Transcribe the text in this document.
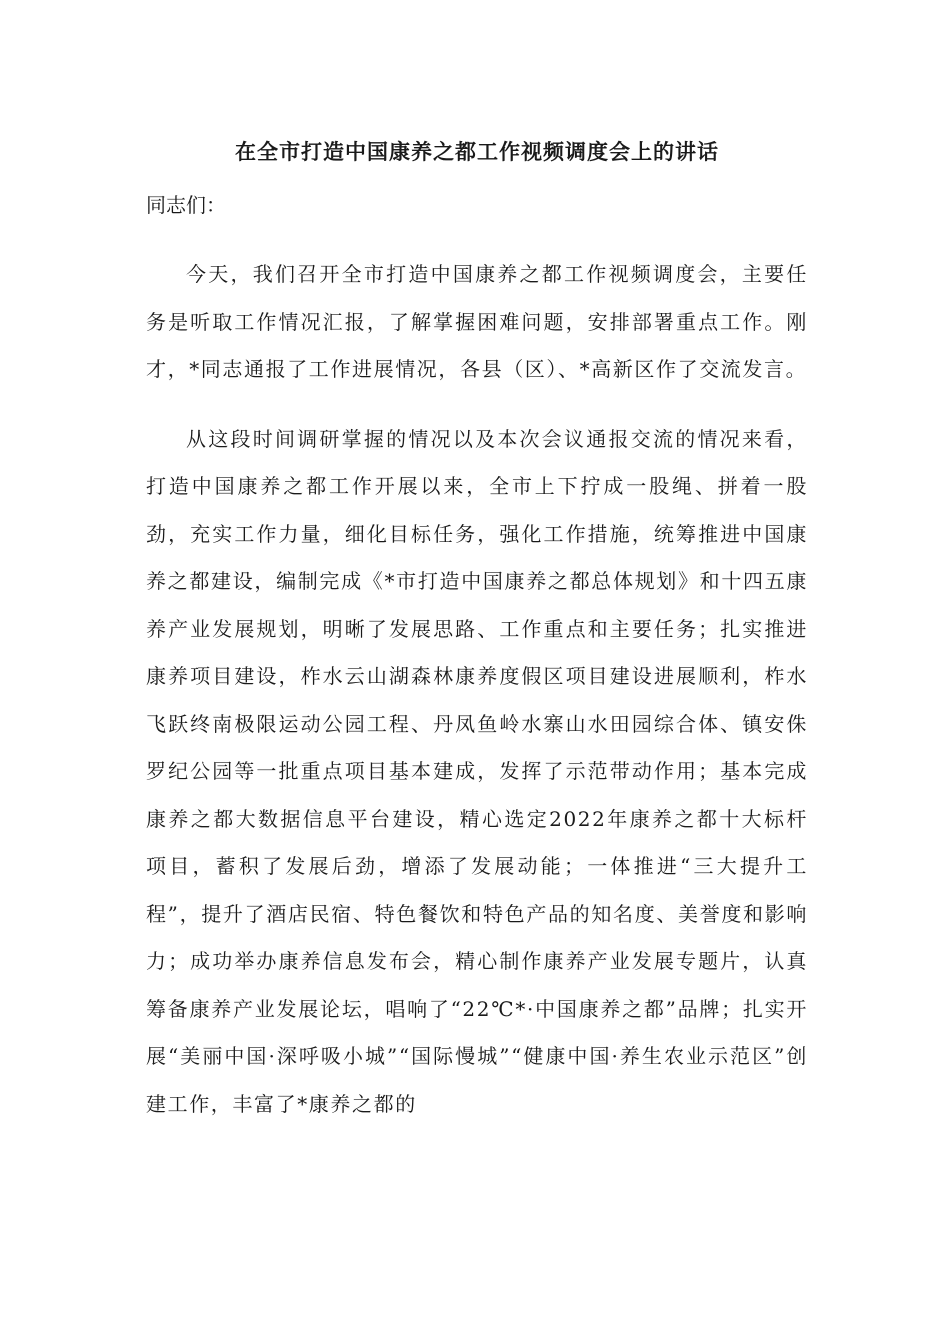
在全市打造中国康养之都工作视频调度会上的讲话

同志们：

今天，我们召开全市打造中国康养之都工作视频调度会，主要任务是听取工作情况汇报，了解掌握困难问题，安排部署重点工作。刚才，*同志通报了工作进展情况，各县（区）、*高新区作了交流发言。

从这段时间调研掌握的情况以及本次会议通报交流的情况来看，打造中国康养之都工作开展以来，全市上下拧成一股绳、拼着一股劲，充实工作力量，细化目标任务，强化工作措施，统筹推进中国康养之都建设，编制完成《*市打造中国康养之都总体规划》和十四五康养产业发展规划，明晰了发展思路、工作重点和主要任务；扎实推进康养项目建设，柞水云山湖森林康养度假区项目建设进展顺利，柞水飞跃终南极限运动公园工程、丹凤鱼岭水寨山水田园综合体、镇安侏罗纪公园等一批重点项目基本建成，发挥了示范带动作用；基本完成康养之都大数据信息平台建设，精心选定2022年康养之都十大标杆项目，蓄积了发展后劲，增添了发展动能；一体推进“三大提升工程”，提升了酒店民宿、特色餐饮和特色产品的知名度、美誉度和影响力；成功举办康养信息发布会，精心制作康养产业发展专题片，认真筹备康养产业发展论坛，唱响了“22℃*·中国康养之都”品牌；扎实开展“美丽中国·深呼吸小城”“国际慢城”“健康中国·养生农业示范区”创建工作，丰富了*康养之都的
